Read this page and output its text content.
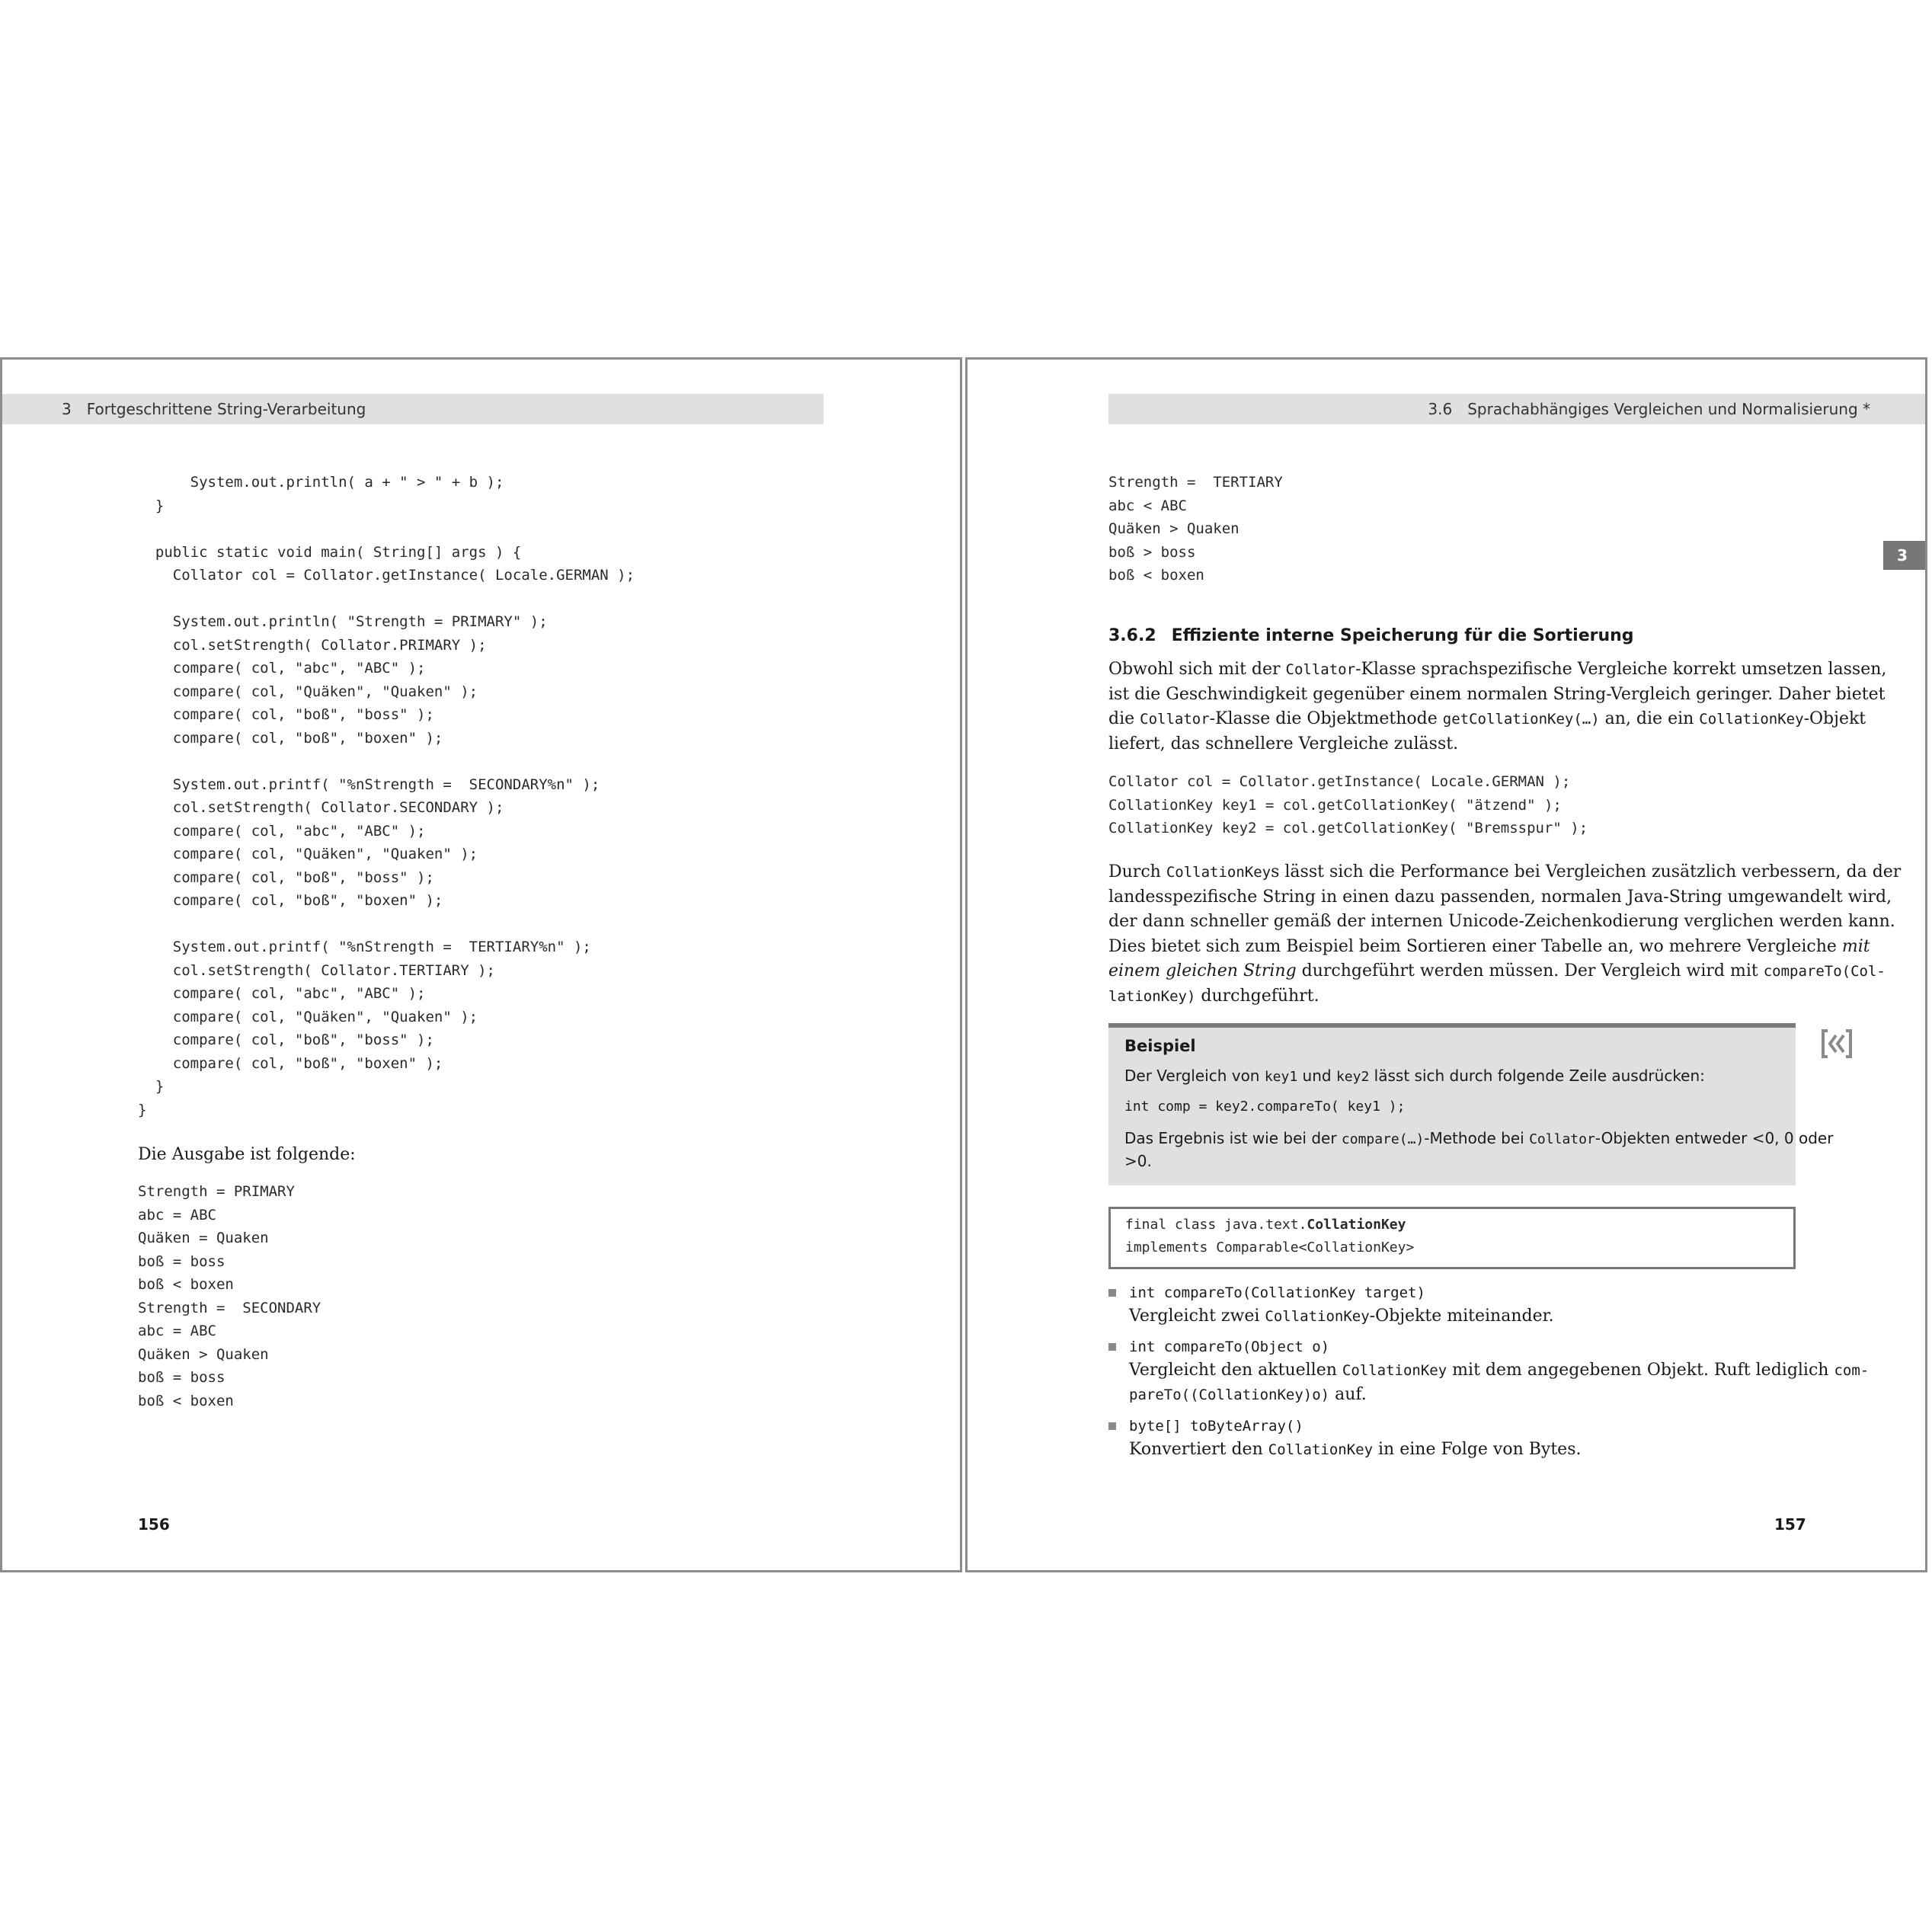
3 Fortgeschrittene String-Verarbeitung
System.out.println( a + " > " + b );
}

public static void main( String[] args ) {
Collator col = Collator.getInstance( Locale.GERMAN );

System.out.println( "Strength = PRIMARY" );
col.setStrength( Collator.PRIMARY );
compare( col, "abc", "ABC" );
compare( col, "Quäken", "Quaken" );
compare( col, "boß", "boss" );
compare( col, "boß", "boxen" );

System.out.printf( "%nStrength =  SECONDARY%n" );
col.setStrength( Collator.SECONDARY );
compare( col, "abc", "ABC" );
compare( col, "Quäken", "Quaken" );
compare( col, "boß", "boss" );
compare( col, "boß", "boxen" );

System.out.printf( "%nStrength =  TERTIARY%n" );
col.setStrength( Collator.TERTIARY );
compare( col, "abc", "ABC" );
compare( col, "Quäken", "Quaken" );
compare( col, "boß", "boss" );
compare( col, "boß", "boxen" );
}
}

Die Ausgabe ist folgende:

Strength = PRIMARY
abc = ABC
Quäken = Quaken
boß = boss
boß < boxen
Strength =  SECONDARY
abc = ABC
Quäken > Quaken
boß = boss
boß < boxen
156
3.6 Sprachabhängiges Vergleichen und Normalisierung *
3
Strength =  TERTIARY
abc < ABC
Quäken > Quaken
boß > boss
boß < boxen
3.6.2 Effiziente interne Speicherung für die Sortierung
Obwohl sich mit der Collator-Klasse sprachspezifische Vergleiche korrekt umsetzen lassen,
ist die Geschwindigkeit gegenüber einem normalen String-Vergleich geringer. Daher bietet
die Collator-Klasse die Objektmethode getCollationKey(…) an, die ein CollationKey-Objekt
liefert, das schnellere Vergleiche zulässt.
Collator col = Collator.getInstance( Locale.GERMAN );
CollationKey key1 = col.getCollationKey( "ätzend" );
CollationKey key2 = col.getCollationKey( "Bremsspur" );
Durch CollationKeys lässt sich die Performance bei Vergleichen zusätzlich verbessern, da der
landesspezifische String in einen dazu passenden, normalen Java-String umgewandelt wird,
der dann schneller gemäß der internen Unicode-Zeichenkodierung verglichen werden kann.
Dies bietet sich zum Beispiel beim Sortieren einer Tabelle an, wo mehrere Vergleiche mit
einem gleichen String durchgeführt werden müssen. Der Vergleich wird mit compareTo(Col-
lationKey) durchgeführt.
Beispiel
Der Vergleich von key1 und key2 lässt sich durch folgende Zeile ausdrücken:
int comp = key2.compareTo( key1 );
Das Ergebnis ist wie bei der compare(…)-Methode bei Collator-Objekten entweder <0, 0 oder
>0.
final class java.text.CollationKey
implements Comparable<CollationKey>
int compareTo(CollationKey target)
Vergleicht zwei CollationKey-Objekte miteinander.
int compareTo(Object o)
Vergleicht den aktuellen CollationKey mit dem angegebenen Objekt. Ruft lediglich com-
pareTo((CollationKey)o) auf.
byte[] toByteArray()
Konvertiert den CollationKey in eine Folge von Bytes.
157
